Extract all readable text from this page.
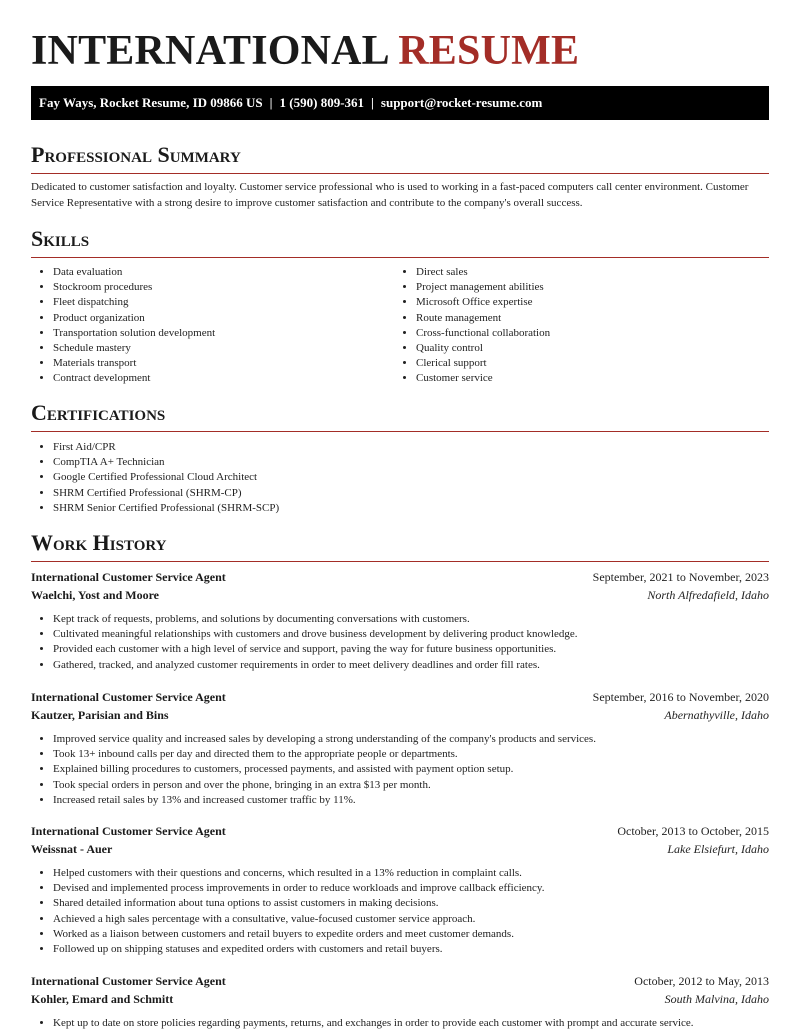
INTERNATIONAL RESUME
Fay Ways, Rocket Resume, ID 09866 US | 1 (590) 809-361 | support@rocket-resume.com
Professional Summary

Dedicated to customer satisfaction and loyalty. Customer service professional who is used to working in a fast-paced computers call center environment. Customer Service Representative with a strong desire to improve customer satisfaction and contribute to the company's overall success.

Skills
• Data evaluation
• Stockroom procedures
• Fleet dispatching
• Product organization
• Transportation solution development
• Schedule mastery
• Materials transport
• Contract development
• Direct sales
• Project management abilities
• Microsoft Office expertise
• Route management
• Cross-functional collaboration
• Quality control
• Clerical support
• Customer service
Certifications
• First Aid/CPR
• CompTIA A+ Technician
• Google Certified Professional Cloud Architect
• SHRM Certified Professional (SHRM-CP)
• SHRM Senior Certified Professional (SHRM-SCP)
Work History
International Customer Service Agent	September, 2021 to November, 2023
Waelchi, Yost and Moore	North Alfredafield, Idaho
• Kept track of requests, problems, and solutions by documenting conversations with customers.
• Cultivated meaningful relationships with customers and drove business development by delivering product knowledge.
• Provided each customer with a high level of service and support, paving the way for future business opportunities.
• Gathered, tracked, and analyzed customer requirements in order to meet delivery deadlines and order fill rates.
International Customer Service Agent	September, 2016 to November, 2020
Kautzer, Parisian and Bins	Abernathyville, Idaho
• Improved service quality and increased sales by developing a strong understanding of the company's products and services.
• Took 13+ inbound calls per day and directed them to the appropriate people or departments.
• Explained billing procedures to customers, processed payments, and assisted with payment option setup.
• Took special orders in person and over the phone, bringing in an extra $13 per month.
• Increased retail sales by 13% and increased customer traffic by 11%.
International Customer Service Agent	October, 2013 to October, 2015
Weissnat - Auer	Lake Elsiefurt, Idaho
• Helped customers with their questions and concerns, which resulted in a 13% reduction in complaint calls.
• Devised and implemented process improvements in order to reduce workloads and improve callback efficiency.
• Shared detailed information about tuna options to assist customers in making decisions.
• Achieved a high sales percentage with a consultative, value-focused customer service approach.
• Worked as a liaison between customers and retail buyers to expedite orders and meet customer demands.
• Followed up on shipping statuses and expedited orders with customers and retail buyers.
International Customer Service Agent	October, 2012 to May, 2013
Kohler, Emard and Schmitt	South Malvina, Idaho
• Kept up to date on store policies regarding payments, returns, and exchanges in order to provide each customer with prompt and accurate service.
